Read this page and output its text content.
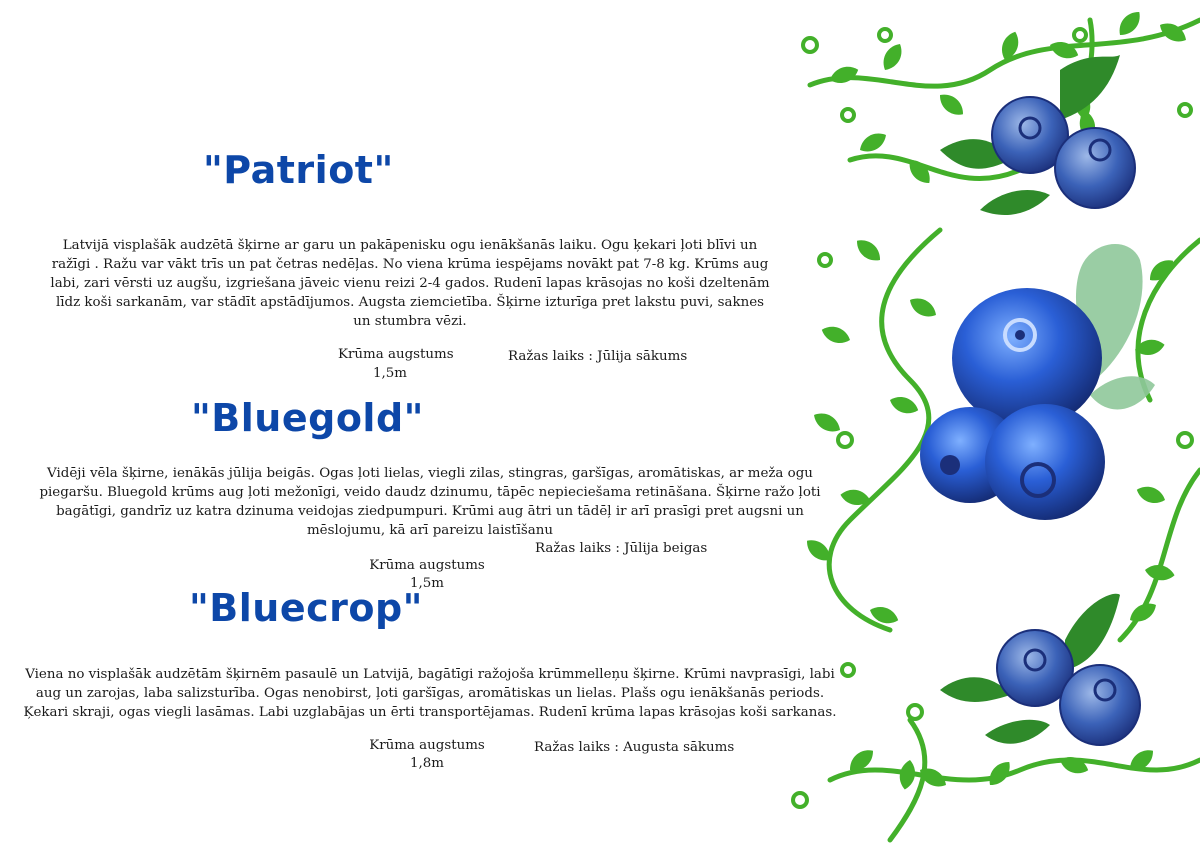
"Patriot"

Latvijā visplašāk audzētā šķirne ar garu un pakāpenisku ogu ienākšanās laiku. Ogu ķekari ļoti blīvi un ražīgi . Ražu var vākt trīs un pat četras nedēļas. No viena krūma iespējams novākt pat 7-8 kg. Krūms aug labi, zari vērsti uz augšu, izgriešana jāveic vienu reizi 2-4 gados. Rudenī lapas krāsojas no koši dzeltenām līdz koši sarkanām, var stādīt apstādījumos. Augsta ziemcietība. Šķirne izturīga pret lakstu puvi, saknes un stumbra vēzi.

Krūma augstums
1,5m
Ražas laiks : Jūlija sākums
"Bluegold"

Vidēji vēla šķirne, ienākās jūlija beigās. Ogas ļoti lielas, viegli zilas, stingras, garšīgas, aromātiskas, ar meža ogu piegaršu. Bluegold krūms aug ļoti mežonīgi, veido daudz dzinumu, tāpēc nepieciešama retināšana. Šķirne ražo ļoti bagātīgi, gandrīz uz katra dzinuma veidojas ziedpumpuri. Krūmi aug ātri un tādēļ ir arī prasīgi pret augsni un mēslojumu, kā arī pareizu laistīšanu

Ražas laiks : Jūlija beigas
Krūma augstums
1,5m
"Bluecrop"

Viena no visplašāk audzētām šķirnēm pasaulē un Latvijā, bagātīgi ražojoša krūmmelleņu šķirne. Krūmi navprasīgi, labi aug un zarojas, laba salizsturība. Ogas nenobirst, ļoti garšīgas, aromātiskas un lielas. Plašs ogu ienākšanās periods. Ķekari skraji, ogas viegli lasāmas. Labi uzglabājas un ērti transportējamas. Rudenī krūma lapas krāsojas koši sarkanas.

Krūma augstums
1,8m
Ražas laiks : Augusta sākums
